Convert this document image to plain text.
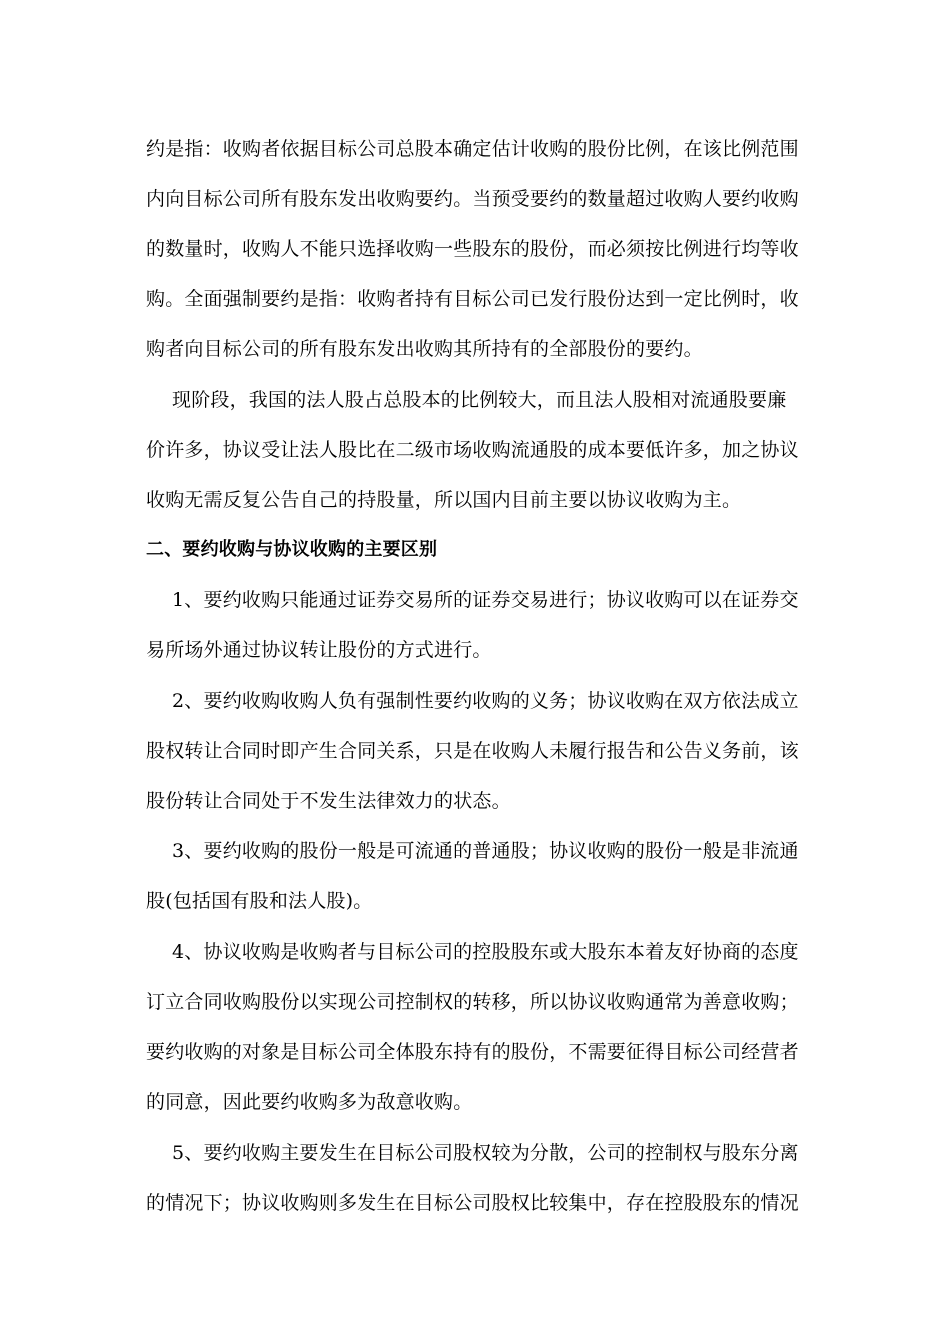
约是指：收购者依据目标公司总股本确定估计收购的股份比例，在该比例范围
内向目标公司所有股东发出收购要约。当预受要约的数量超过收购人要约收购
的数量时，收购人不能只选择收购一些股东的股份，而必须按比例进行均等收
购。全面强制要约是指：收购者持有目标公司已发行股份达到一定比例时，收
购者向目标公司的所有股东发出收购其所持有的全部股份的要约。
现阶段，我国的法人股占总股本的比例较大，而且法人股相对流通股要廉
价许多，协议受让法人股比在二级市场收购流通股的成本要低许多，加之协议
收购无需反复公告自己的持股量，所以国内目前主要以协议收购为主。
二、要约收购与协议收购的主要区别
1、要约收购只能通过证券交易所的证券交易进行；协议收购可以在证券交
易所场外通过协议转让股份的方式进行。
2、要约收购收购人负有强制性要约收购的义务；协议收购在双方依法成立
股权转让合同时即产生合同关系，只是在收购人未履行报告和公告义务前，该
股份转让合同处于不发生法律效力的状态。
3、要约收购的股份一般是可流通的普通股；协议收购的股份一般是非流通
股(包括国有股和法人股)。
4、协议收购是收购者与目标公司的控股股东或大股东本着友好协商的态度
订立合同收购股份以实现公司控制权的转移，所以协议收购通常为善意收购；
要约收购的对象是目标公司全体股东持有的股份，不需要征得目标公司经营者
的同意，因此要约收购多为敌意收购。
5、要约收购主要发生在目标公司股权较为分散，公司的控制权与股东分离
的情况下；协议收购则多发生在目标公司股权比较集中，存在控股股东的情况
